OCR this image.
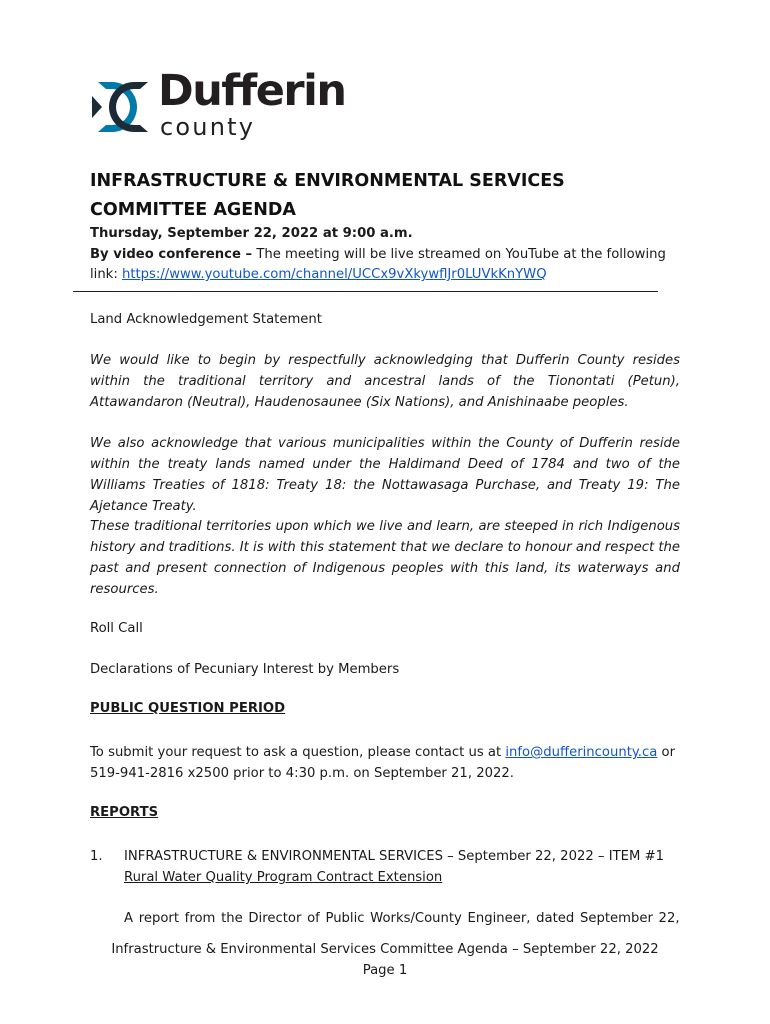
Dufferin
county
INFRASTRUCTURE & ENVIRONMENTAL SERVICES
COMMITTEE AGENDA
Thursday, September 22, 2022 at 9:00 a.m.
By video conference – The meeting will be live streamed on YouTube at the following
link: https://www.youtube.com/channel/UCCx9vXkywflJr0LUVkKnYWQ
Land Acknowledgement Statement
We would like to begin by respectfully acknowledging that Dufferin County resides within the traditional territory and ancestral lands of the Tionontati (Petun), Attawandaron (Neutral), Haudenosaunee (Six Nations), and Anishinaabe peoples.
We also acknowledge that various municipalities within the County of Dufferin reside within the treaty lands named under the Haldimand Deed of 1784 and two of the Williams Treaties of 1818: Treaty 18: the Nottawasaga Purchase, and Treaty 19: The Ajetance Treaty.
These traditional territories upon which we live and learn, are steeped in rich Indigenous history and traditions. It is with this statement that we declare to honour and respect the past and present connection of Indigenous peoples with this land, its waterways and resources.
Roll Call
Declarations of Pecuniary Interest by Members
PUBLIC QUESTION PERIOD
To submit your request to ask a question, please contact us at info@dufferincounty.ca or
519-941-2816 x2500 prior to 4:30 p.m. on September 21, 2022.
REPORTS
1. INFRASTRUCTURE & ENVIRONMENTAL SERVICES – September 22, 2022 – ITEM #1
Rural Water Quality Program Contract Extension
A report from the Director of Public Works/County Engineer, dated September 22,
Infrastructure & Environmental Services Committee Agenda – September 22, 2022
Page 1
